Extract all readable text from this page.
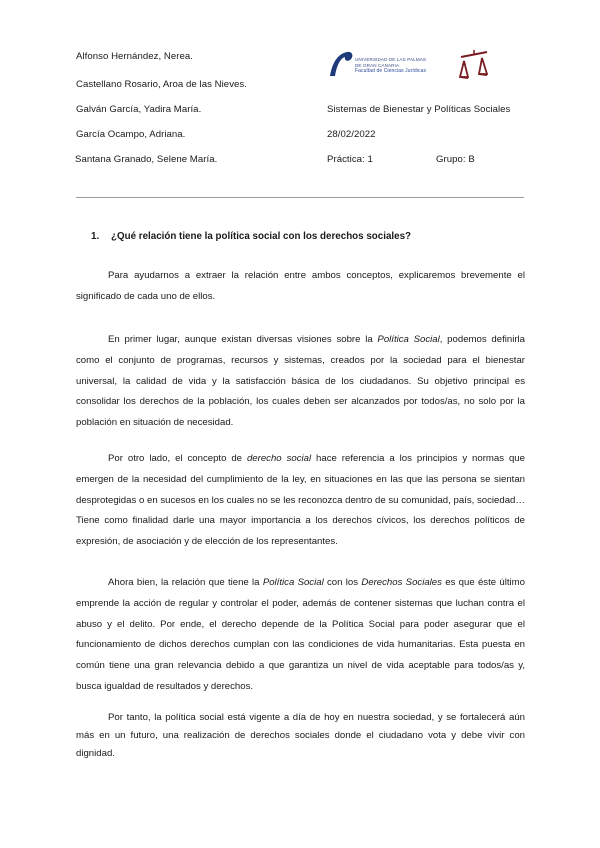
Alfonso Hernández, Nerea.
Castellano Rosario, Aroa de las Nieves.
Galván García, Yadira María.
García Ocampo, Adriana.
Santana Granado, Selene María.
UNIVERSIDAD DE LAS PALMAS
DE GRAN CANARIA
Facultad de Ciencias Jurídicas
Sistemas de Bienestar y Políticas Sociales
28/02/2022
Práctica: 1	Grupo: B
1. ¿Qué relación tiene la política social con los derechos sociales?
Para ayudarnos a extraer la relación entre ambos conceptos, explicaremos brevemente el significado de cada uno de ellos.
En primer lugar, aunque existan diversas visiones sobre la Política Social, podemos definirla como el conjunto de programas, recursos y sistemas, creados por la sociedad para el bienestar universal, la calidad de vida y la satisfacción básica de los ciudadanos. Su objetivo principal es consolidar los derechos de la población, los cuales deben ser alcanzados por todos/as, no solo por la población en situación de necesidad.
Por otro lado, el concepto de derecho social hace referencia a los principios y normas que emergen de la necesidad del cumplimiento de la ley, en situaciones en las que las persona se sientan desprotegidas o en sucesos en los cuales no se les reconozca dentro de su comunidad, país, sociedad… Tiene como finalidad darle una mayor importancia a los derechos cívicos, los derechos políticos de expresión, de asociación y de elección de los representantes.
Ahora bien, la relación que tiene la Política Social con los Derechos Sociales es que éste último emprende la acción de regular y controlar el poder, además de contener sistemas que luchan contra el abuso y el delito. Por ende, el derecho depende de la Política Social para poder asegurar que el funcionamiento de dichos derechos cumplan con las condiciones de vida humanitarias. Esta puesta en común tiene una gran relevancia debido a que garantiza un nivel de vida aceptable para todos/as y, busca igualdad de resultados y derechos.
Por tanto, la política social está vigente a día de hoy en nuestra sociedad, y se fortalecerá aún más en un futuro, una realización de derechos sociales donde el ciudadano vota y debe vivir con dignidad.
